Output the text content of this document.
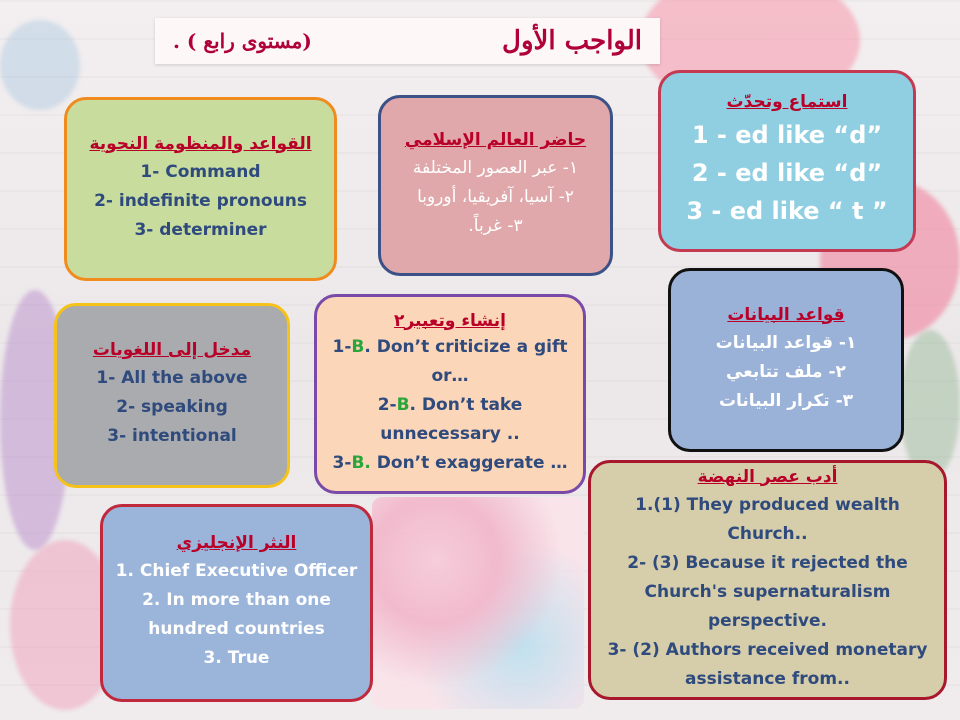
الواجب الأول
(مستوى رابع ) .
القواعد والمنظومة النحوية
1- Command
2- indefinite pronouns
3- determiner
حاضر العالم الإسلامي
١- عبر العصور المختلفة
٢- آسيا، آفريقيا، أوروبا
٣- غرباً.
استماع وتحدّث
1 - ed like “d”
2 - ed like “d”
3 - ed like “ t ”
مدخل إلى اللغويات
1- All the above
2- speaking
3- intentional
إنشاء وتعبير٢
1-B. Don’t criticize a gift or…
2-B. Don’t take unnecessary ..
3-B. Don’t exaggerate …
قواعد البيانات
١- قواعد البيانات
٢- ملف تتابعي
٣- تكرار البيانات
النثر الإنجليزي
1. Chief Executive Officer
2. In more than one hundred countries
3. True
أدب عصر النهضة
1.(1) They produced wealth Church..
2- (3) Because it rejected the Church's supernaturalism perspective.
3- (2) Authors received monetary assistance from..
